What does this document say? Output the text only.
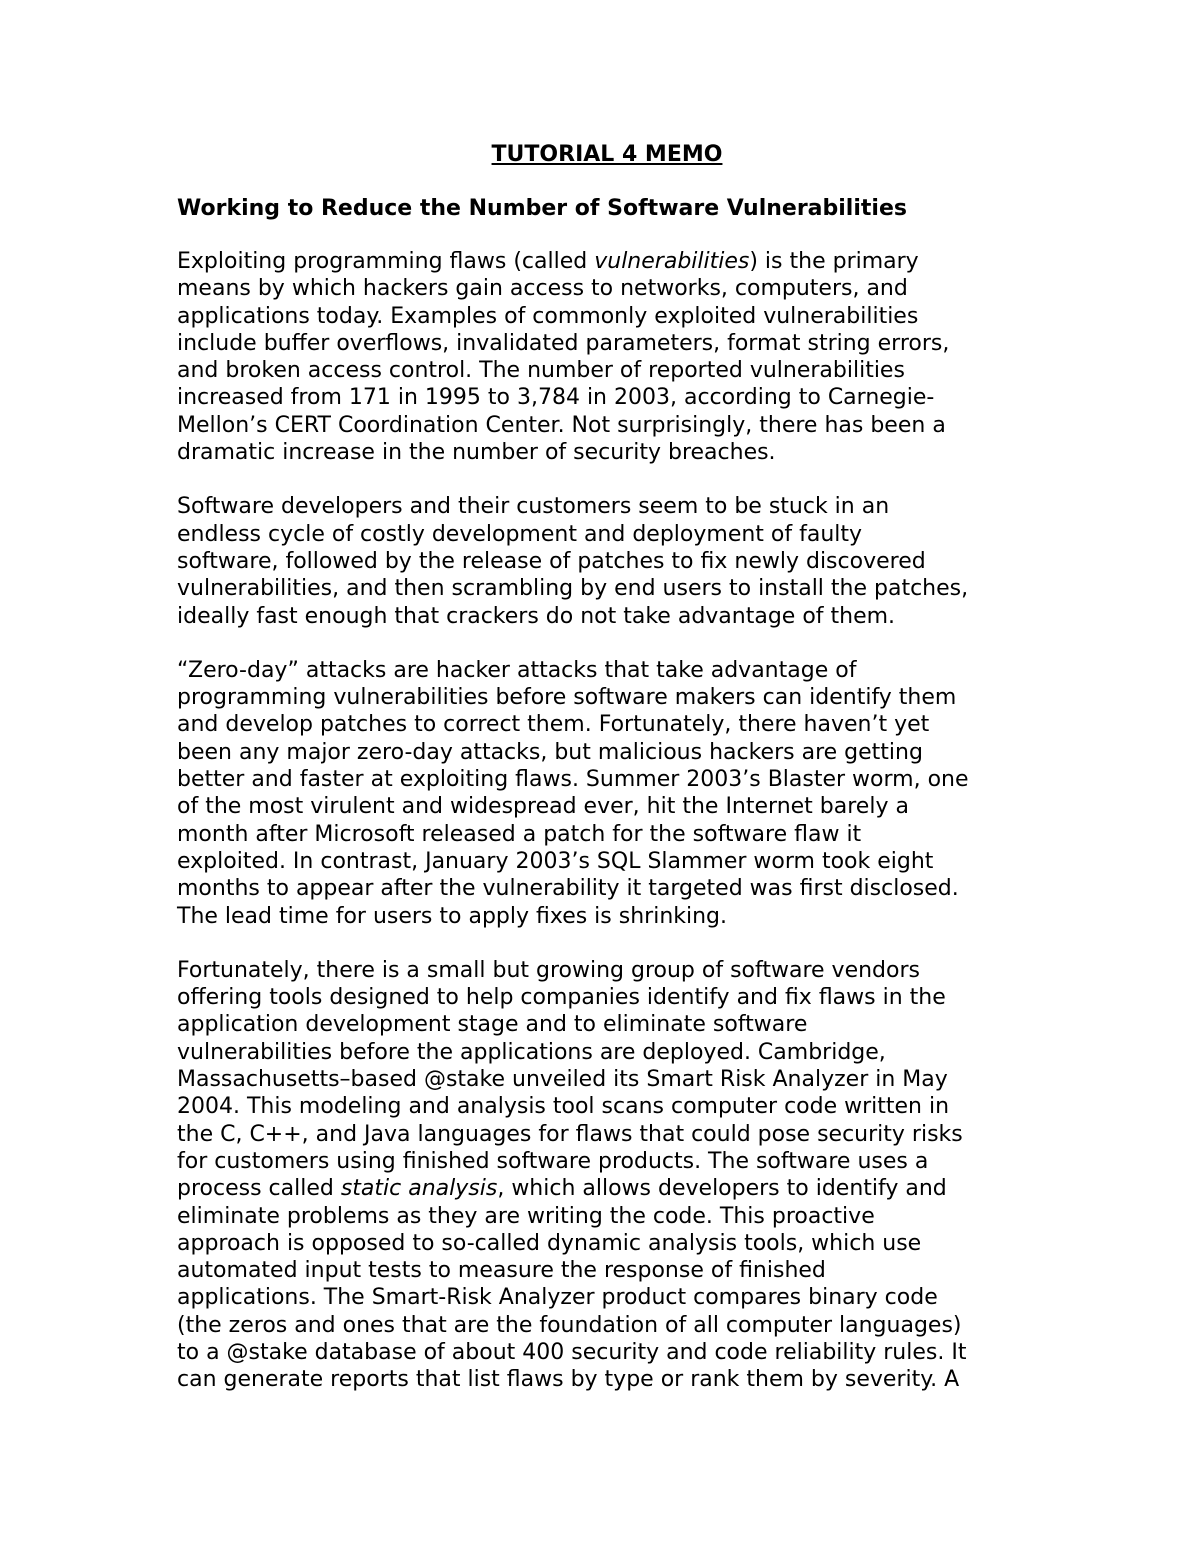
TUTORIAL 4 MEMO
Working to Reduce the Number of Software Vulnerabilities
Exploiting programming flaws (called vulnerabilities) is the primary
means by which hackers gain access to networks, computers, and
applications today. Examples of commonly exploited vulnerabilities
include buffer overflows, invalidated parameters, format string errors,
and broken access control. The number of reported vulnerabilities
increased from 171 in 1995 to 3,784 in 2003, according to Carnegie-
Mellon’s CERT Coordination Center. Not surprisingly, there has been a
dramatic increase in the number of security breaches.
Software developers and their customers seem to be stuck in an
endless cycle of costly development and deployment of faulty
software, followed by the release of patches to fix newly discovered
vulnerabilities, and then scrambling by end users to install the patches,
ideally fast enough that crackers do not take advantage of them.
“Zero-day” attacks are hacker attacks that take advantage of
programming vulnerabilities before software makers can identify them
and develop patches to correct them. Fortunately, there haven’t yet
been any major zero-day attacks, but malicious hackers are getting
better and faster at exploiting flaws. Summer 2003’s Blaster worm, one
of the most virulent and widespread ever, hit the Internet barely a
month after Microsoft released a patch for the software flaw it
exploited. In contrast, January 2003’s SQL Slammer worm took eight
months to appear after the vulnerability it targeted was first disclosed.
The lead time for users to apply fixes is shrinking.
Fortunately, there is a small but growing group of software vendors
offering tools designed to help companies identify and fix flaws in the
application development stage and to eliminate software
vulnerabilities before the applications are deployed. Cambridge,
Massachusetts–based @stake unveiled its Smart Risk Analyzer in May
2004. This modeling and analysis tool scans computer code written in
the C, C++, and Java languages for flaws that could pose security risks
for customers using finished software products. The software uses a
process called static analysis, which allows developers to identify and
eliminate problems as they are writing the code. This proactive
approach is opposed to so-called dynamic analysis tools, which use
automated input tests to measure the response of finished
applications. The Smart-Risk Analyzer product compares binary code
(the zeros and ones that are the foundation of all computer languages)
to a @stake database of about 400 security and code reliability rules. It
can generate reports that list flaws by type or rank them by severity. A
